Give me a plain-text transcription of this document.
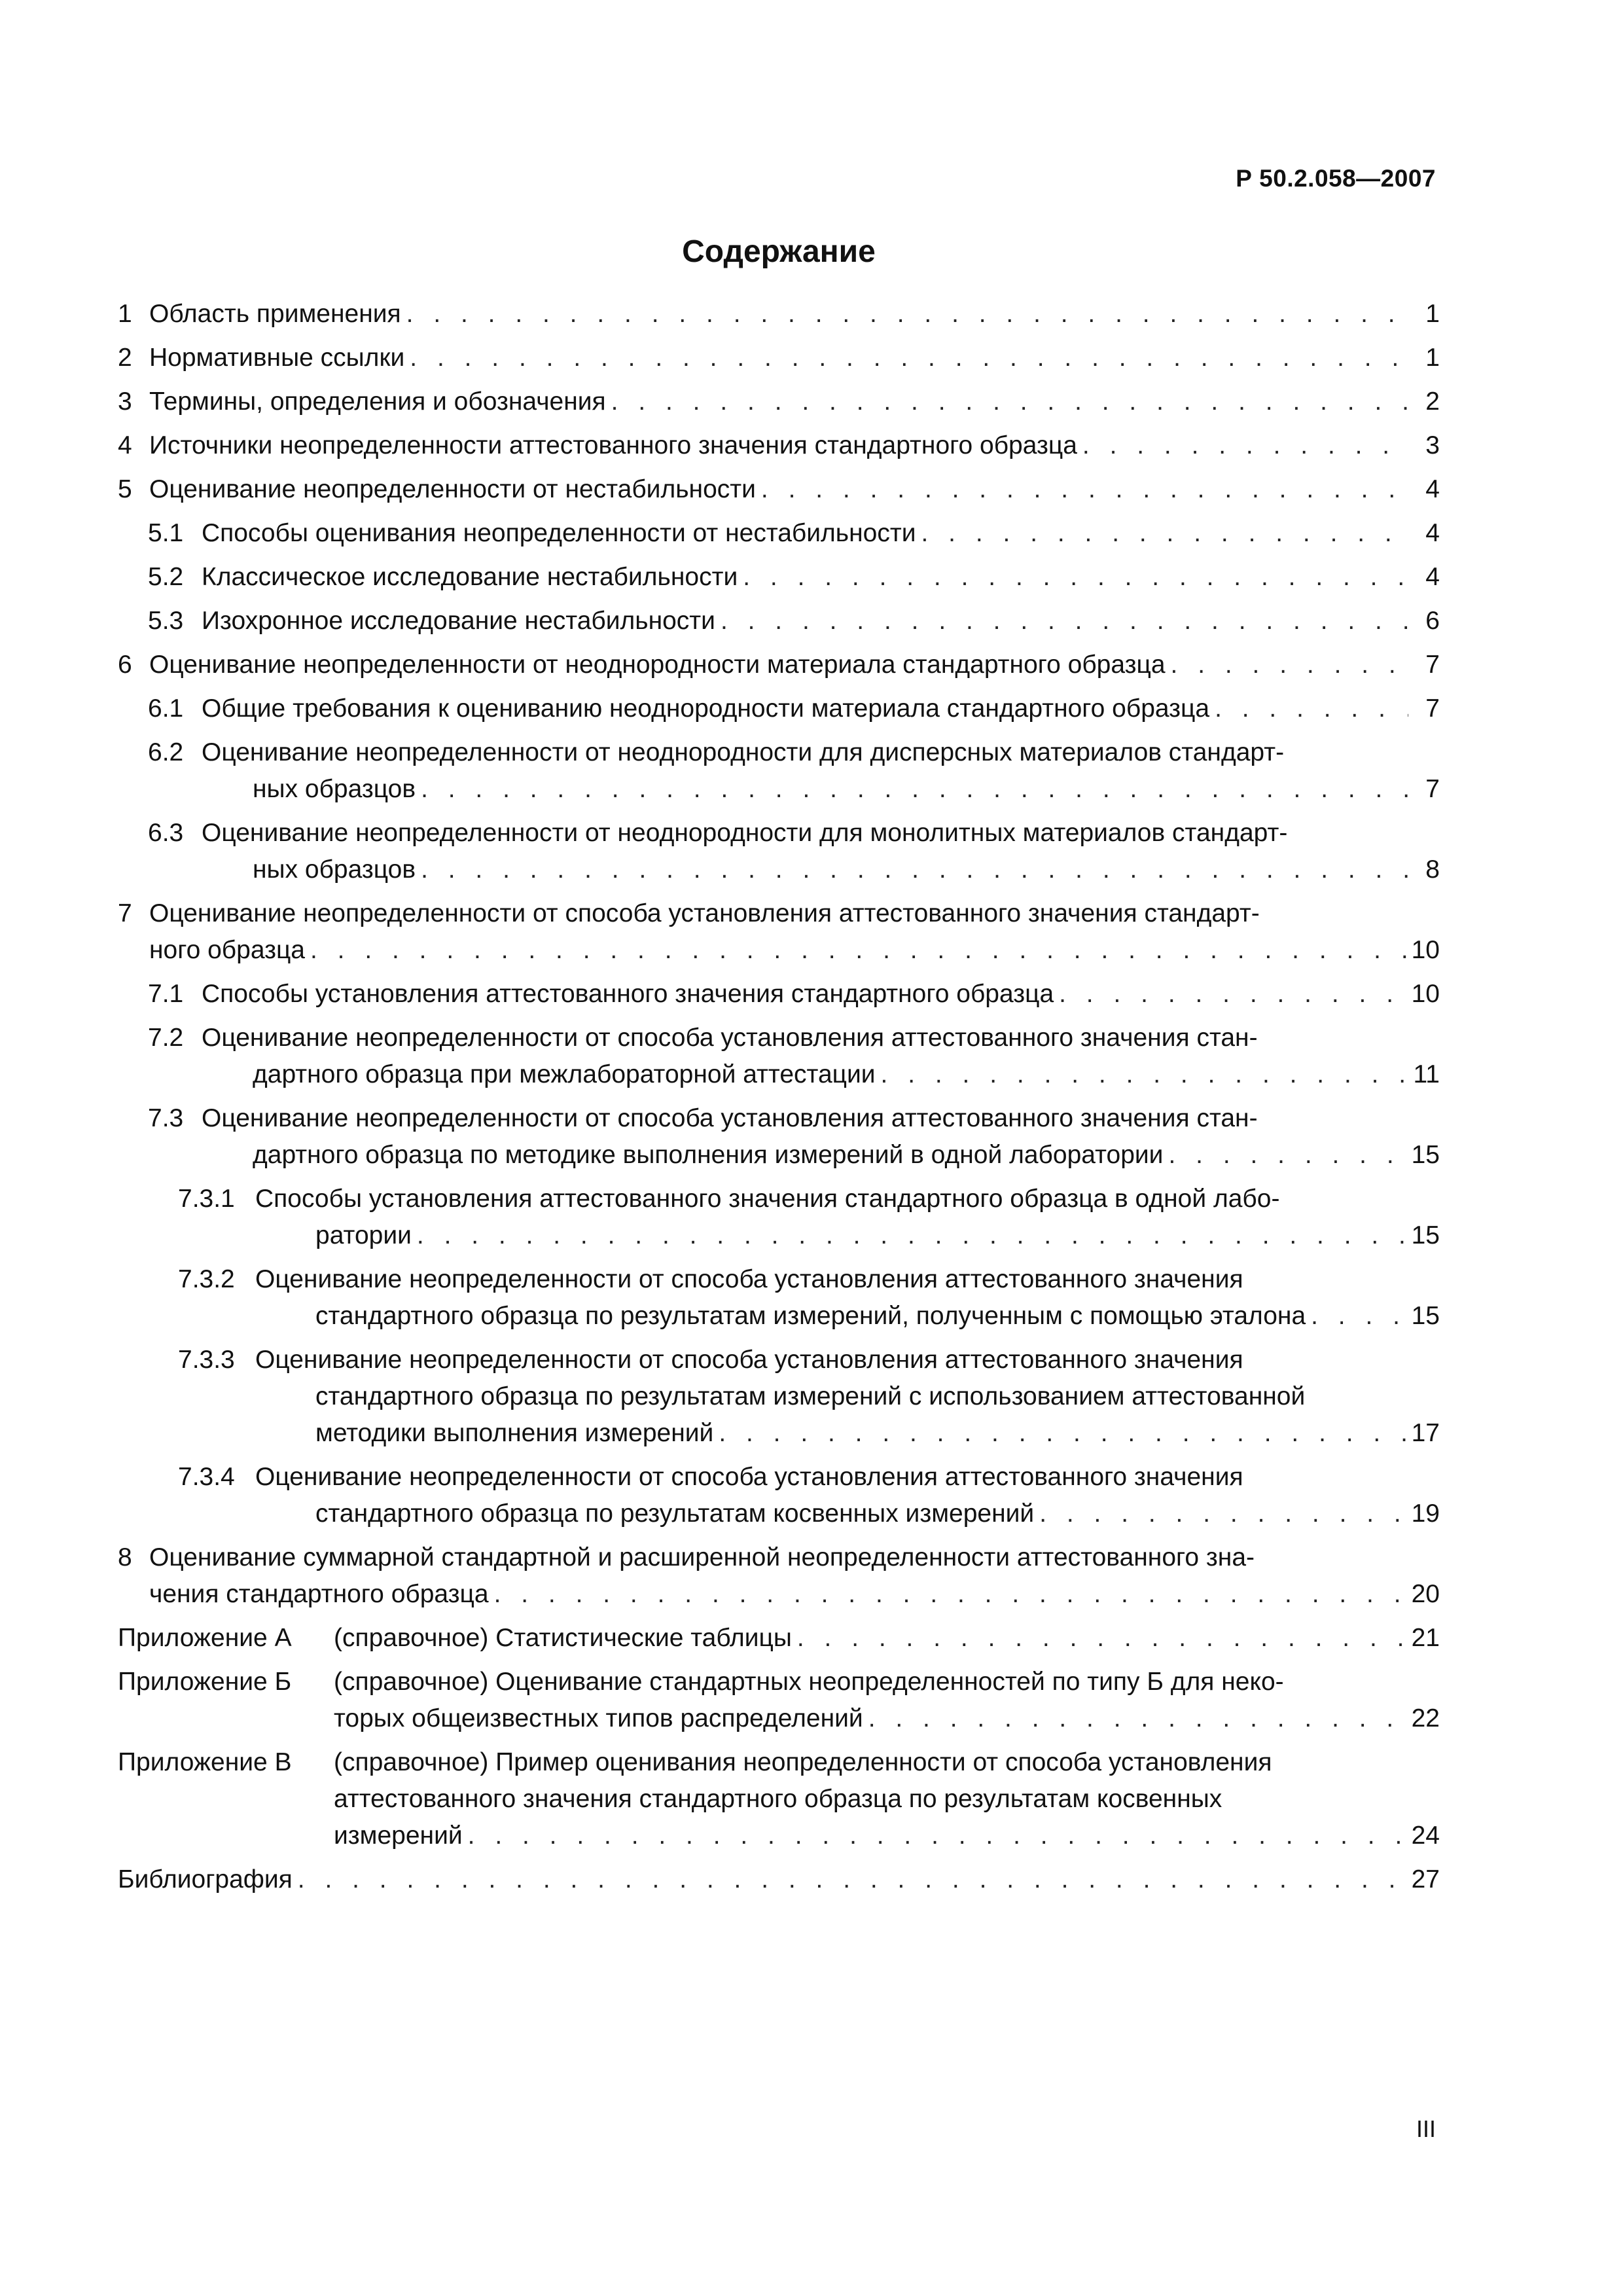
Р 50.2.058—2007
Содержание
1 Область применения . . .	1
2 Нормативные ссылки . . .	1
3 Термины, определения и обозначения . . .	2
4 Источники неопределенности аттестованного значения стандартного образца . . .	3
5 Оценивание неопределенности от нестабильности . . .	4
5.1 Способы оценивания неопределенности от нестабильности . . .	4
5.2 Классическое исследование нестабильности . . .	4
5.3 Изохронное исследование нестабильности . . .	6
6 Оценивание неопределенности от неоднородности материала стандартного образца . . .	7
6.1 Общие требования к оцениванию неоднородности материала стандартного образца . . .	7
6.2 Оценивание неопределенности от неоднородности для дисперсных материалов стандарт-
ных образцов . . .	7
6.3 Оценивание неопределенности от неоднородности для монолитных материалов стандарт-
ных образцов . . .	8
7 Оценивание неопределенности от способа установления аттестованного значения стандарт-
ного образца . . .	10
7.1 Способы установления аттестованного значения стандартного образца . . .	10
7.2 Оценивание неопределенности от способа установления аттестованного значения стан-
дартного образца при межлабораторной аттестации . . .	11
7.3 Оценивание неопределенности от способа установления аттестованного значения стан-
дартного образца по методике выполнения измерений в одной лаборатории . . .	15
7.3.1 Способы установления аттестованного значения стандартного образца в одной лабо-
ратории . . .	15
7.3.2 Оценивание неопределенности от способа установления аттестованного значения
стандартного образца по результатам измерений, полученным с помощью эталона . . .	15
7.3.3 Оценивание неопределенности от способа установления аттестованного значения
стандартного образца по результатам измерений с использованием аттестованной
методики выполнения измерений . . .	17
7.3.4 Оценивание неопределенности от способа установления аттестованного значения
стандартного образца по результатам косвенных измерений . . .	19
8 Оценивание суммарной стандартной и расширенной неопределенности аттестованного зна-
чения стандартного образца . . .	20
Приложение А	(справочное) Статистические таблицы . . .	21
Приложение Б	(справочное) Оценивание стандартных неопределенностей по типу Б для неко-
торых общеизвестных типов распределений . . .	22
Приложение В	(справочное) Пример оценивания неопределенности от способа установления
аттестованного значения стандартного образца по результатам косвенных
измерений . . .	24
Библиография . . .	27
III
